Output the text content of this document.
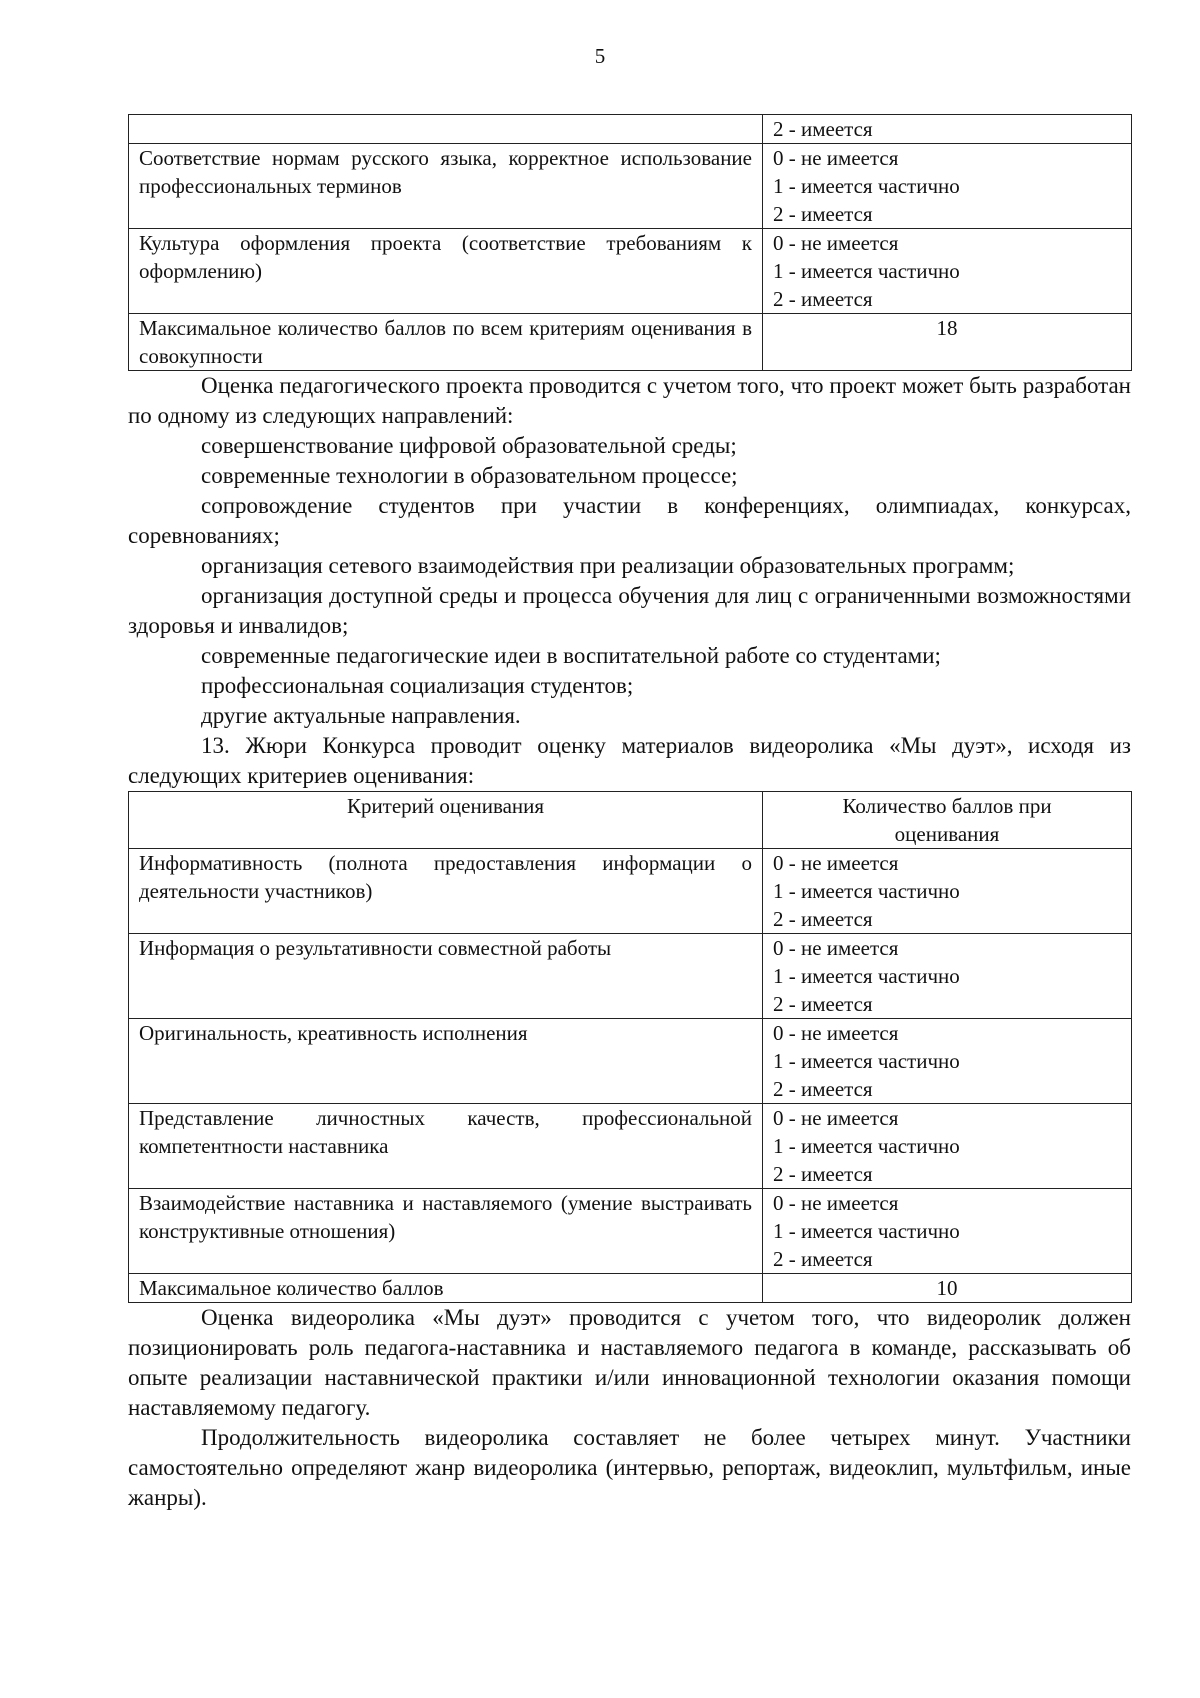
5

	2 - имеется

Соответствие нормам русского языка, корректное использование профессиональных терминов	0 - не имеется
1 - имеется частично
2 - имеется

Культура оформления проекта (соответствие требованиям к оформлению)	0 - не имеется
1 - имеется частично
2 - имеется

Максимальное количество баллов по всем критериям оценивания в совокупности	18

Оценка педагогического проекта проводится с учетом того, что проект может быть разработан по одному из следующих направлений:

совершенствование цифровой образовательной среды;

современные технологии в образовательном процессе;

сопровождение студентов при участии в конференциях, олимпиадах, конкурсах, соревнованиях;

организация сетевого взаимодействия при реализации образовательных программ;

организация доступной среды и процесса обучения для лиц с ограниченными возможностями здоровья и инвалидов;

современные педагогические идеи в воспитательной работе со студентами;

профессиональная социализация студентов;

другие актуальные направления.

13. Жюри Конкурса проводит оценку материалов видеоролика «Мы дуэт», исходя из следующих критериев оценивания:

Критерий оценивания	Количество баллов при оценивания
Информативность (полнота предоставления информации о деятельности участников)	0 - не имеется
1 - имеется частично
2 - имеется

Информация о результативности совместной работы	0 - не имеется
1 - имеется частично
2 - имеется

Оригинальность, креативность исполнения	0 - не имеется
1 - имеется частично
2 - имеется

Представление личностных качеств, профессиональной компетентности наставника	0 - не имеется
1 - имеется частично
2 - имеется

Взаимодействие наставника и наставляемого (умение выстраивать конструктивные отношения)	0 - не имеется
1 - имеется частично
2 - имеется

Максимальное количество баллов	10

Оценка видеоролика «Мы дуэт» проводится с учетом того, что видеоролик должен позиционировать роль педагога-наставника и наставляемого педагога в команде, рассказывать об опыте реализации наставнической практики и/или инновационной технологии оказания помощи наставляемому педагогу.

Продолжительность видеоролика составляет не более четырех минут. Участники самостоятельно определяют жанр видеоролика (интервью, репортаж, видеоклип, мультфильм, иные жанры).
